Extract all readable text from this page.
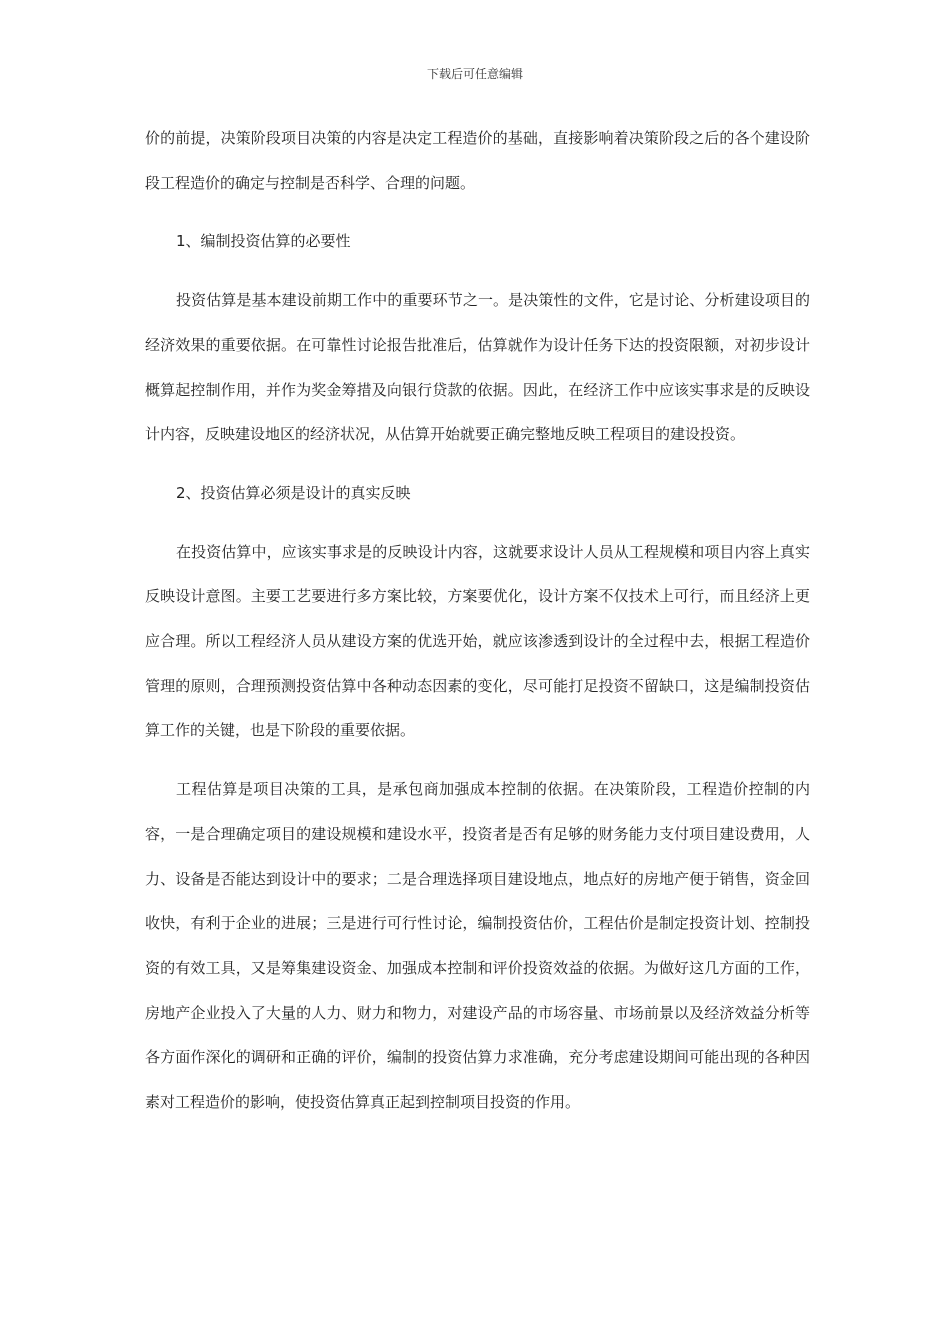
下载后可任意编辑

价的前提，决策阶段项目决策的内容是决定工程造价的基础，直接影响着决策阶段之后的各个建设阶段工程造价的确定与控制是否科学、合理的问题。

1、编制投资估算的必要性

投资估算是基本建设前期工作中的重要环节之一。是决策性的文件，它是讨论、分析建设项目的经济效果的重要依据。在可靠性讨论报告批准后，估算就作为设计任务下达的投资限额，对初步设计概算起控制作用，并作为奖金筹措及向银行贷款的依据。因此，在经济工作中应该实事求是的反映设计内容，反映建设地区的经济状况，从估算开始就要正确完整地反映工程项目的建设投资。

2、投资估算必须是设计的真实反映

在投资估算中，应该实事求是的反映设计内容，这就要求设计人员从工程规模和项目内容上真实反映设计意图。主要工艺要进行多方案比较，方案要优化，设计方案不仅技术上可行，而且经济上更应合理。所以工程经济人员从建设方案的优选开始，就应该渗透到设计的全过程中去，根据工程造价管理的原则，合理预测投资估算中各种动态因素的变化，尽可能打足投资不留缺口，这是编制投资估算工作的关键，也是下阶段的重要依据。

工程估算是项目决策的工具，是承包商加强成本控制的依据。在决策阶段，工程造价控制的内容，一是合理确定项目的建设规模和建设水平，投资者是否有足够的财务能力支付项目建设费用，人力、设备是否能达到设计中的要求；二是合理选择项目建设地点，地点好的房地产便于销售，资金回收快，有利于企业的进展；三是进行可行性讨论，编制投资估价，工程估价是制定投资计划、控制投资的有效工具，又是筹集建设资金、加强成本控制和评价投资效益的依据。为做好这几方面的工作，房地产企业投入了大量的人力、财力和物力，对建设产品的市场容量、市场前景以及经济效益分析等各方面作深化的调研和正确的评价，编制的投资估算力求准确，充分考虑建设期间可能出现的各种因素对工程造价的影响，使投资估算真正起到控制项目投资的作用。
